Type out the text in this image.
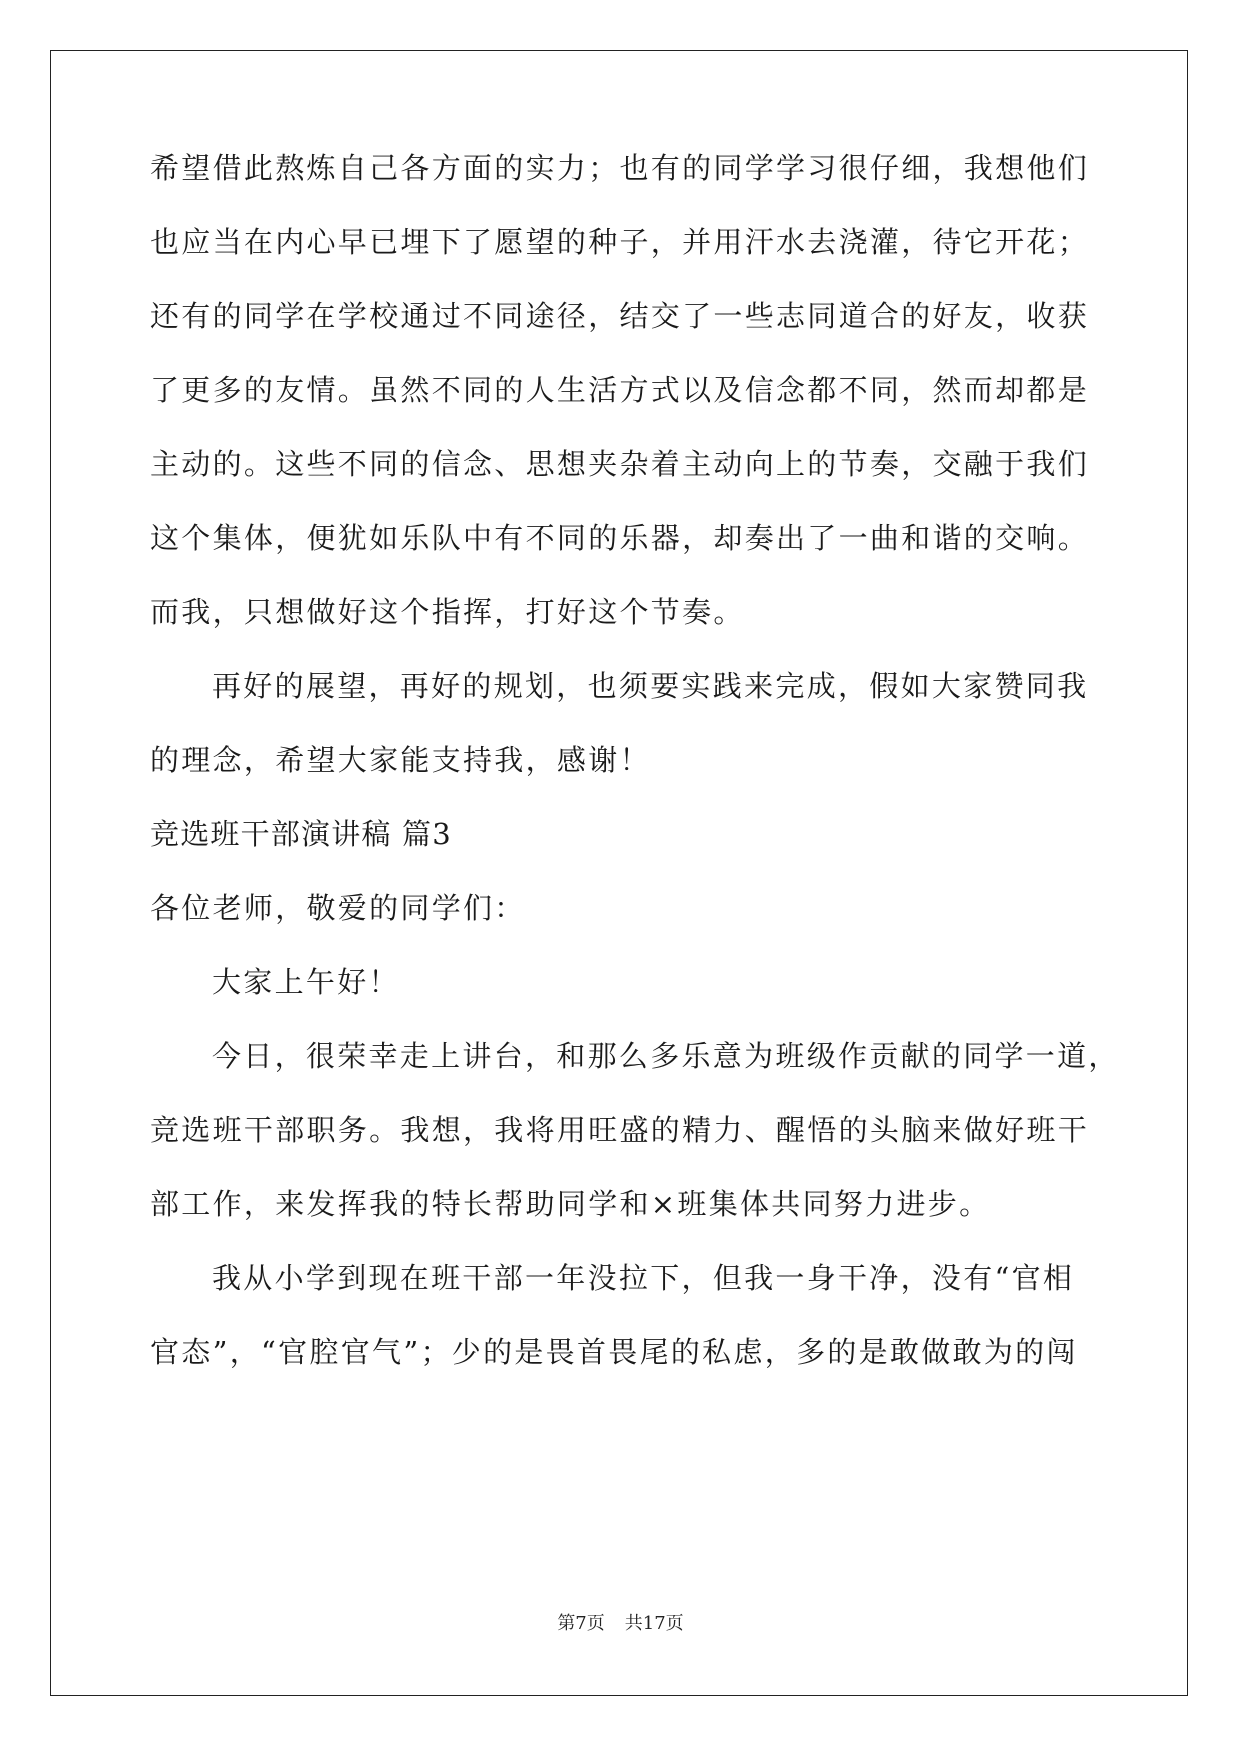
希望借此熬炼自己各方面的实力；也有的同学学习很仔细，我想他们
也应当在内心早已埋下了愿望的种子，并用汗水去浇灌，待它开花；
还有的同学在学校通过不同途径，结交了一些志同道合的好友，收获
了更多的友情。虽然不同的人生活方式以及信念都不同，然而却都是
主动的。这些不同的信念、思想夹杂着主动向上的节奏，交融于我们
这个集体，便犹如乐队中有不同的乐器，却奏出了一曲和谐的交响。
而我，只想做好这个指挥，打好这个节奏。
再好的展望，再好的规划，也须要实践来完成，假如大家赞同我
的理念，希望大家能支持我，感谢！
竞选班干部演讲稿 篇3
各位老师，敬爱的同学们：
大家上午好！
今日，很荣幸走上讲台，和那么多乐意为班级作贡献的同学一道，
竞选班干部职务。我想，我将用旺盛的精力、醒悟的头脑来做好班干
部工作，来发挥我的特长帮助同学和×班集体共同努力进步。
我从小学到现在班干部一年没拉下，但我一身干净，没有“官相
官态”，“官腔官气”；少的是畏首畏尾的私虑，多的是敢做敢为的闯
第7页 共17页
